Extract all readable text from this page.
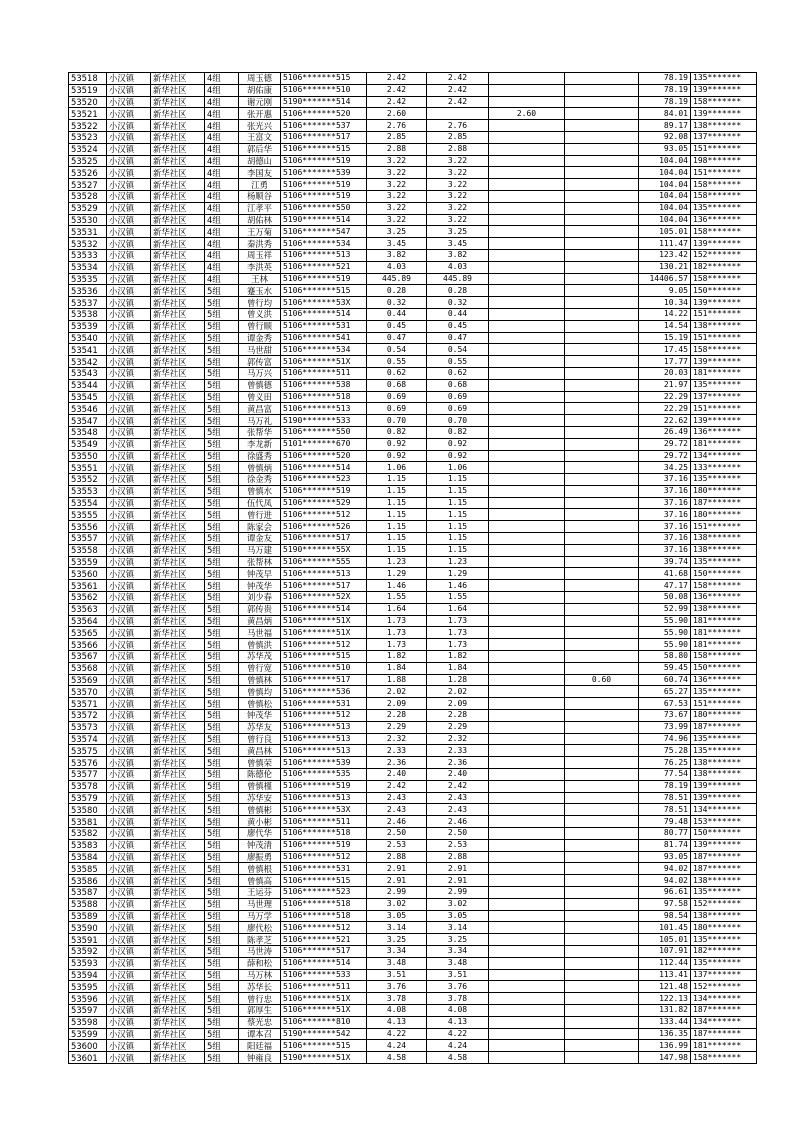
53518	小汉镇	新华社区	4组	周玉德	5106*******515	2.42	2.42			78.19	135*******
53519	小汉镇	新华社区	4组	胡佑康	5106*******510	2.42	2.42			78.19	139*******
53520	小汉镇	新华社区	4组	谢元刚	5190*******514	2.42	2.42			78.19	158*******
53521	小汉镇	新华社区	4组	张开惠	5106*******520	2.60		2.60		84.01	139*******
53522	小汉镇	新华社区	4组	张光兴	5106*******537	2.76	2.76			89.17	138*******
53523	小汉镇	新华社区	4组	王富文	5106*******517	2.85	2.85			92.08	137*******
53524	小汉镇	新华社区	4组	郭后华	5106*******515	2.88	2.88			93.05	151*******
53525	小汉镇	新华社区	4组	胡德山	5106*******519	3.22	3.22			104.04	198*******
53526	小汉镇	新华社区	4组	李国友	5106*******539	3.22	3.22			104.04	151*******
53527	小汉镇	新华社区	4组	江勇	5106*******519	3.22	3.22			104.04	158*******
53528	小汉镇	新华社区	4组	杨顺谷	5106*******519	3.22	3.22			104.04	158*******
53529	小汉镇	新华社区	4组	江孝平	5106*******550	3.22	3.22			104.04	135*******
53530	小汉镇	新华社区	4组	胡佑林	5190*******514	3.22	3.22			104.04	136*******
53531	小汉镇	新华社区	4组	王万菊	5106*******547	3.25	3.25			105.01	158*******
53532	小汉镇	新华社区	4组	秦洪秀	5106*******534	3.45	3.45			111.47	139*******
53533	小汉镇	新华社区	4组	周玉祥	5106*******513	3.82	3.82			123.42	152*******
53534	小汉镇	新华社区	4组	李洪英	5106*******521	4.03	4.03			130.21	182*******
53535	小汉镇	新华社区	4组	王林	5106*******519	445.89	445.89			14406.57	158*******
53536	小汉镇	新华社区	5组	蹇玉水	5106*******515	0.28	0.28			9.05	150*******
53537	小汉镇	新华社区	5组	曾行均	5106*******53X	0.32	0.32			10.34	139*******
53538	小汉镇	新华社区	5组	曾义洪	5106*******514	0.44	0.44			14.22	151*******
53539	小汉镇	新华社区	5组	曾行顺	5106*******531	0.45	0.45			14.54	138*******
53540	小汉镇	新华社区	5组	谭金秀	5106*******541	0.47	0.47			15.19	151*******
53541	小汉镇	新华社区	5组	马世甜	5106*******534	0.54	0.54			17.45	158*******
53542	小汉镇	新华社区	5组	郭传富	5106*******51X	0.55	0.55			17.77	139*******
53543	小汉镇	新华社区	5组	马万兴	5106*******511	0.62	0.62			20.03	181*******
53544	小汉镇	新华社区	5组	曾慎德	5106*******538	0.68	0.68			21.97	135*******
53545	小汉镇	新华社区	5组	曾义田	5106*******518	0.69	0.69			22.29	137*******
53546	小汉镇	新华社区	5组	黄昌富	5106*******513	0.69	0.69			22.29	151*******
53547	小汉镇	新华社区	5组	马万礼	5190*******533	0.70	0.70			22.62	139*******
53548	小汉镇	新华社区	5组	张帮华	5106*******550	0.82	0.82			26.49	136*******
53549	小汉镇	新华社区	5组	李龙新	5101*******670	0.92	0.92			29.72	181*******
53550	小汉镇	新华社区	5组	徐盛秀	5106*******520	0.92	0.92			29.72	134*******
53551	小汉镇	新华社区	5组	曾慎炳	5106*******514	1.06	1.06			34.25	133*******
53552	小汉镇	新华社区	5组	徐金秀	5106*******523	1.15	1.15			37.16	135*******
53553	小汉镇	新华社区	5组	曾慎水	5106*******519	1.15	1.15			37.16	180*******
53554	小汉镇	新华社区	5组	伍代凤	5106*******529	1.15	1.15			37.16	187*******
53555	小汉镇	新华社区	5组	曾行进	5106*******512	1.15	1.15			37.16	180*******
53556	小汉镇	新华社区	5组	陈家会	5106*******526	1.15	1.15			37.16	151*******
53557	小汉镇	新华社区	5组	谭金友	5106*******517	1.15	1.15			37.16	138*******
53558	小汉镇	新华社区	5组	马万建	5190*******55X	1.15	1.15			37.16	138*******
53559	小汉镇	新华社区	5组	张帮林	5106*******555	1.23	1.23			39.74	135*******
53560	小汉镇	新华社区	5组	钟茂早	5106*******513	1.29	1.29			41.68	150*******
53561	小汉镇	新华社区	5组	钟茂华	5106*******517	1.46	1.46			47.17	158*******
53562	小汉镇	新华社区	5组	刘少春	5106*******52X	1.55	1.55			50.08	136*******
53563	小汉镇	新华社区	5组	郭传贵	5106*******514	1.64	1.64			52.99	138*******
53564	小汉镇	新华社区	5组	黄昌炳	5106*******51X	1.73	1.73			55.90	181*******
53565	小汉镇	新华社区	5组	马世福	5106*******51X	1.73	1.73			55.90	181*******
53566	小汉镇	新华社区	5组	曾慎洪	5106*******512	1.73	1.73			55.90	181*******
53567	小汉镇	新华社区	5组	苏华茂	5106*******515	1.82	1.82			58.80	158*******
53568	小汉镇	新华社区	5组	曾行宽	5106*******510	1.84	1.84			59.45	150*******
53569	小汉镇	新华社区	5组	曾慎林	5106*******517	1.88	1.28		0.60	60.74	136*******
53570	小汉镇	新华社区	5组	曾慎均	5106*******536	2.02	2.02			65.27	135*******
53571	小汉镇	新华社区	5组	曾慎松	5106*******531	2.09	2.09			67.53	151*******
53572	小汉镇	新华社区	5组	钟茂华	5106*******512	2.28	2.28			73.67	180*******
53573	小汉镇	新华社区	5组	苏华友	5106*******513	2.29	2.29			73.99	187*******
53574	小汉镇	新华社区	5组	曾行良	5106*******513	2.32	2.32			74.96	135*******
53575	小汉镇	新华社区	5组	黄昌林	5106*******513	2.33	2.33			75.28	135*******
53576	小汉镇	新华社区	5组	曾慎荣	5106*******539	2.36	2.36			76.25	138*******
53577	小汉镇	新华社区	5组	陈德伦	5106*******535	2.40	2.40			77.54	138*******
53578	小汉镇	新华社区	5组	曾慎槿	5106*******519	2.42	2.42			78.19	139*******
53579	小汉镇	新华社区	5组	苏华安	5106*******513	2.43	2.43			78.51	139*******
53580	小汉镇	新华社区	5组	曾慎彬	5106*******53X	2.43	2.43			78.51	134*******
53581	小汉镇	新华社区	5组	黄小彬	5106*******511	2.46	2.46			79.48	153*******
53582	小汉镇	新华社区	5组	廖代华	5106*******518	2.50	2.50			80.77	150*******
53583	小汉镇	新华社区	5组	钟茂清	5106*******519	2.53	2.53			81.74	139*******
53584	小汉镇	新华社区	5组	廖振勇	5106*******512	2.88	2.88			93.05	187*******
53585	小汉镇	新华社区	5组	曾慎根	5106*******531	2.91	2.91			94.02	187*******
53586	小汉镇	新华社区	5组	曾慎高	5106*******515	2.91	2.91			94.02	138*******
53587	小汉镇	新华社区	5组	王运芬	5106*******523	2.99	2.99			96.61	135*******
53588	小汉镇	新华社区	5组	马世理	5106*******518	3.02	3.02			97.58	152*******
53589	小汉镇	新华社区	5组	马万学	5106*******518	3.05	3.05			98.54	138*******
53590	小汉镇	新华社区	5组	廖代松	5106*******512	3.14	3.14			101.45	180*******
53591	小汉镇	新华社区	5组	陈孝芝	5106*******521	3.25	3.25			105.01	135*******
53592	小汉镇	新华社区	5组	马世涛	5106*******517	3.34	3.34			107.91	182*******
53593	小汉镇	新华社区	5组	薛和松	5106*******514	3.48	3.48			112.44	135*******
53594	小汉镇	新华社区	5组	马万林	5106*******533	3.51	3.51			113.41	137*******
53595	小汉镇	新华社区	5组	苏华长	5106*******511	3.76	3.76			121.48	152*******
53596	小汉镇	新华社区	5组	曾行忠	5106*******51X	3.78	3.78			122.13	134*******
53597	小汉镇	新华社区	5组	郭厚生	5106*******51X	4.08	4.08			131.82	187*******
53598	小汉镇	新华社区	5组	蔡光忠	5106*******810	4.13	4.13			133.44	134*******
53599	小汉镇	新华社区	5组	谭本召	5190*******542	4.22	4.22			136.35	187*******
53600	小汉镇	新华社区	5组	阳廷福	5106*******515	4.24	4.24			136.99	181*******
53601	小汉镇	新华社区	5组	钟雍良	5190*******51X	4.58	4.58			147.98	158*******
